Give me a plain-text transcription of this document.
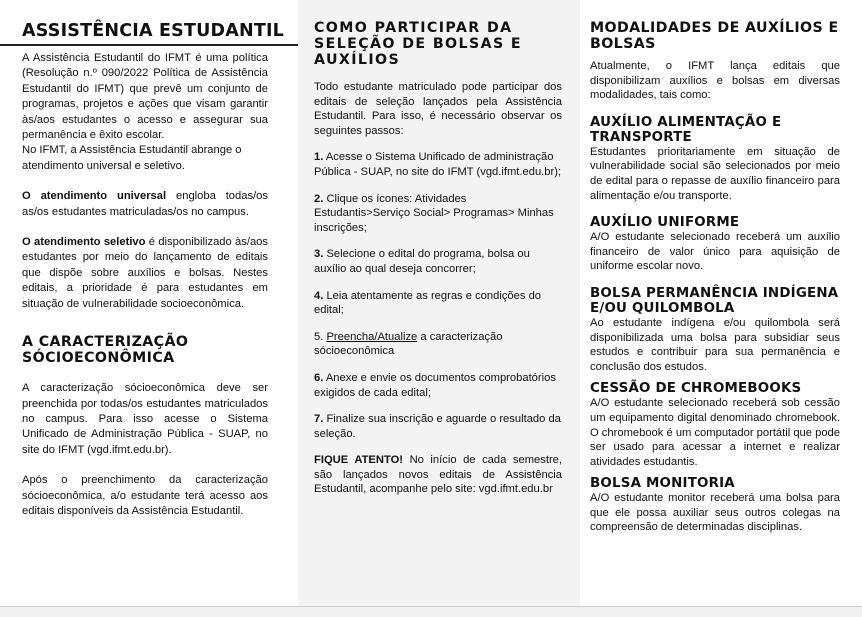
ASSISTÊNCIA ESTUDANTIL

A Assistência Estudantil do IFMT é uma política (Resolução n.º 090/2022 Política de Assistência Estudantil do IFMT) que prevê um conjunto de programas, projetos e ações que visam garantir às/aos estudantes o acesso e assegurar sua permanência e êxito escolar.

No IFMT, a Assistência Estudantil abrange o atendimento universal e seletivo.

O atendimento universal engloba todas/os as/os estudantes matriculadas/os no campus.

O atendimento seletivo é disponibilizado às/aos estudantes por meio do lançamento de editais que dispõe sobre auxílios e bolsas. Nestes editais, a prioridade é para estudantes em situação de vulnerabilidade socioeconômica.

A CARACTERIZAÇÃO SÓCIOECONÔMICA

A caracterização sócioeconômica deve ser preenchida por todas/os estudantes matriculados no campus. Para isso acesse o Sistema Unificado de Administração Pública - SUAP, no site do IFMT (vgd.ifmt.edu.br).

Após o preenchimento da caracterização sócioeconômica, a/o estudante terá acesso aos editais disponíveis da Assistência Estudantil.

COMO PARTICIPAR DA SELEÇÃO DE BOLSAS E AUXÍLIOS

Todo estudante matriculado pode participar dos editais de seleção lançados pela Assistência Estudantil. Para isso, é necessário observar os seguintes passos:

1. Acesse o Sistema Unificado de administração Pública - SUAP, no site do IFMT (vgd.ifmt.edu.br);

2. Clique os ícones: Atividades Estudantis>Serviço Social> Programas> Minhas inscrições;

3. Selecione o edital do programa, bolsa ou auxílio ao qual deseja concorrer;

4. Leia atentamente as regras e condições do edital;

5. Preencha/Atualize a caracterização sócioeconômica

6. Anexe e envie os documentos comprobatórios exigidos de cada edital;

7. Finalize sua inscrição e aguarde o resultado da seleção.

FIQUE ATENTO! No início de cada semestre, são lançados novos editais de Assistência Estudantil, acompanhe pelo site: vgd.ifmt.edu.br

MODALIDADES DE AUXÍLIOS E BOLSAS

Atualmente, o IFMT lança editais que disponibilizam auxílios e bolsas em diversas modalidades, tais como:

AUXÍLIO ALIMENTAÇÃO E TRANSPORTE

Estudantes prioritariamente em situação de vulnerabilidade social são selecionados por meio de edital para o repasse de auxílio financeiro para alimentação e/ou transporte.

AUXÍLIO UNIFORME

A/O estudante selecionado receberá um auxílio financeiro de valor único para aquisição de uniforme escolar novo.

BOLSA PERMANÊNCIA INDÍGENA E/OU QUILOMBOLA

Ao estudante indígena e/ou quilombola será disponibilizada uma bolsa para subsidiar seus estudos e contribuir para sua permanência e conclusão dos estudos.

CESSÃO DE CHROMEBOOKS

A/O estudante selecionado receberá sob cessão um equipamento digital denominado chromebook. O chromebook é um computador portátil que pode ser usado para acessar a internet e realizar atividades estudantis.

BOLSA MONITORIA

A/O estudante monitor receberá uma bolsa para que ele possa auxiliar seus outros colegas na compreensão de determinadas disciplinas.
